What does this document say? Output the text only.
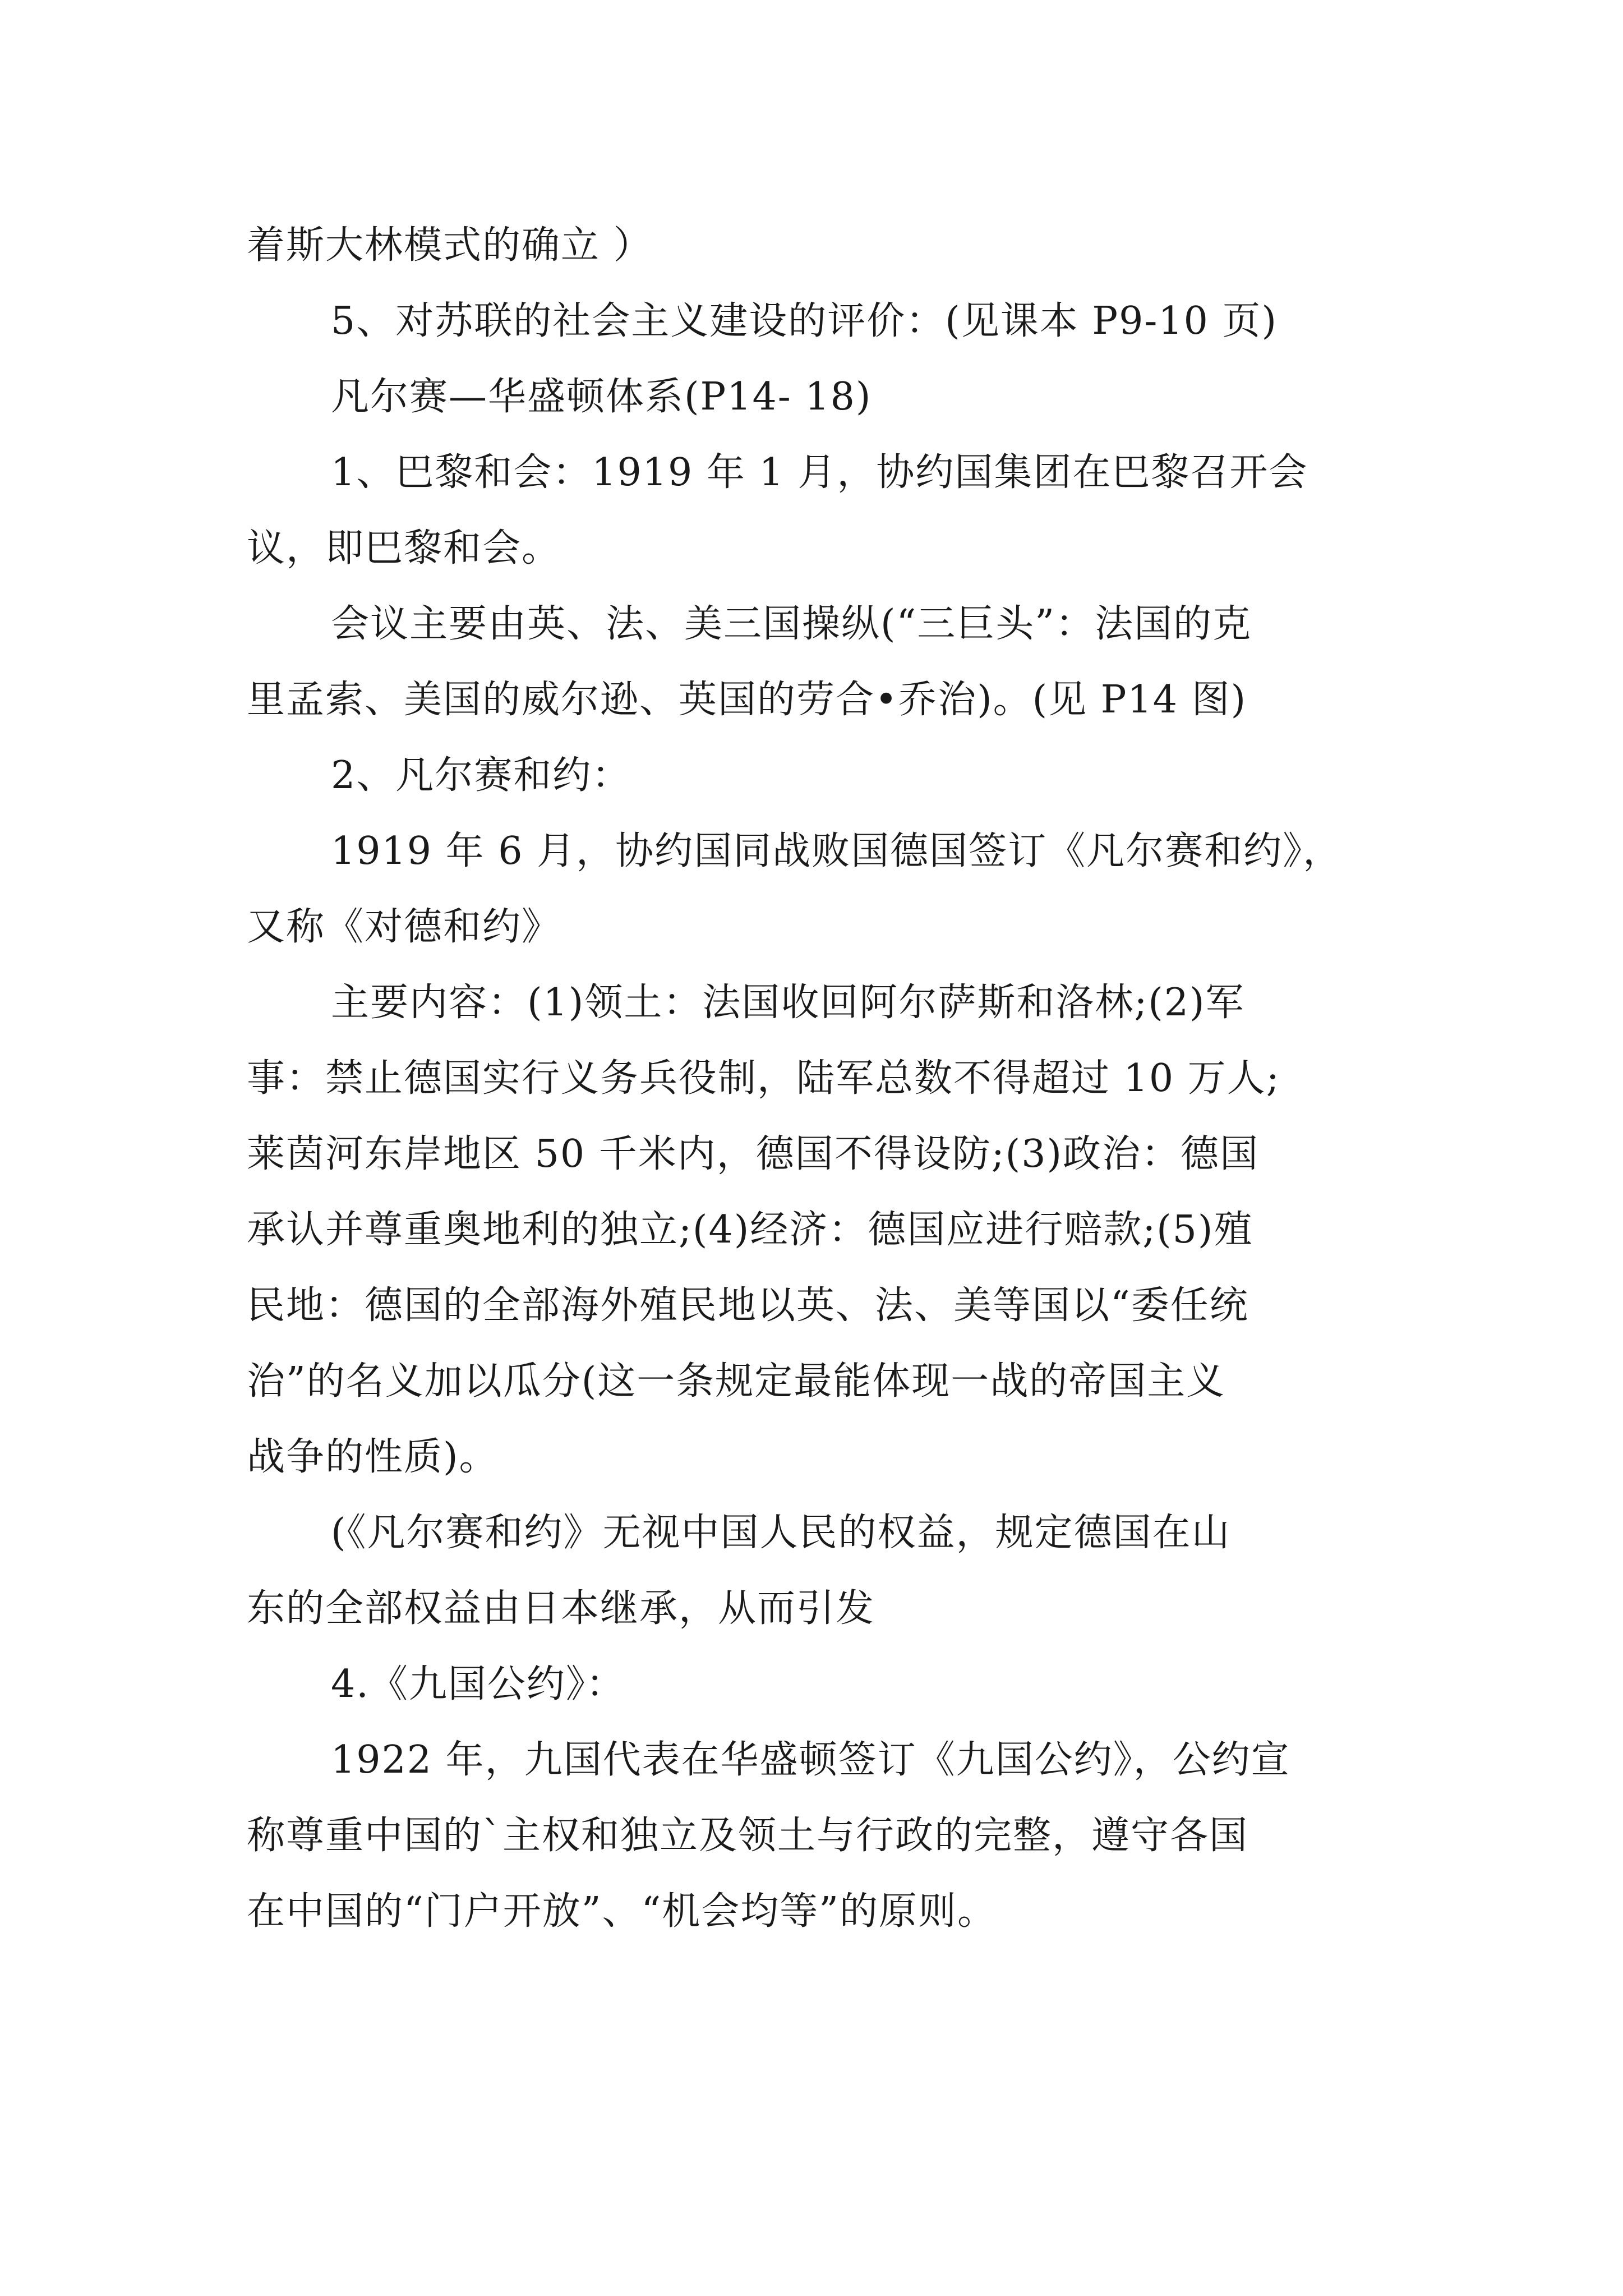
着斯大林模式的确立 ）

5、对苏联的社会主义建设的评价：(见课本 P9-10 页)

凡尔赛—华盛顿体系(P14- 18)

1、巴黎和会：1919 年 1 月，协约国集团在巴黎召开会
议，即巴黎和会。

会议主要由英、法、美三国操纵(“三巨头”：法国的克
里孟索、美国的威尔逊、英国的劳合•乔治)。(见 P14 图)

2、凡尔赛和约：

1919 年 6 月，协约国同战败国德国签订《凡尔赛和约》，
又称《对德和约》

主要内容：(1)领土：法国收回阿尔萨斯和洛林;(2)军
事：禁止德国实行义务兵役制，陆军总数不得超过 10 万人;
莱茵河东岸地区 50 千米内，德国不得设防;(3)政治：德国
承认并尊重奥地利的独立;(4)经济：德国应进行赔款;(5)殖
民地：德国的全部海外殖民地以英、法、美等国以“委任统
治”的名义加以瓜分(这一条规定最能体现一战的帝国主义
战争的性质)。

(《凡尔赛和约》无视中国人民的权益，规定德国在山
东的全部权益由日本继承，从而引发

4.《九国公约》：

1922 年，九国代表在华盛顿签订《九国公约》，公约宣
称尊重中国的`主权和独立及领土与行政的完整，遵守各国
在中国的“门户开放”、“机会均等”的原则。
